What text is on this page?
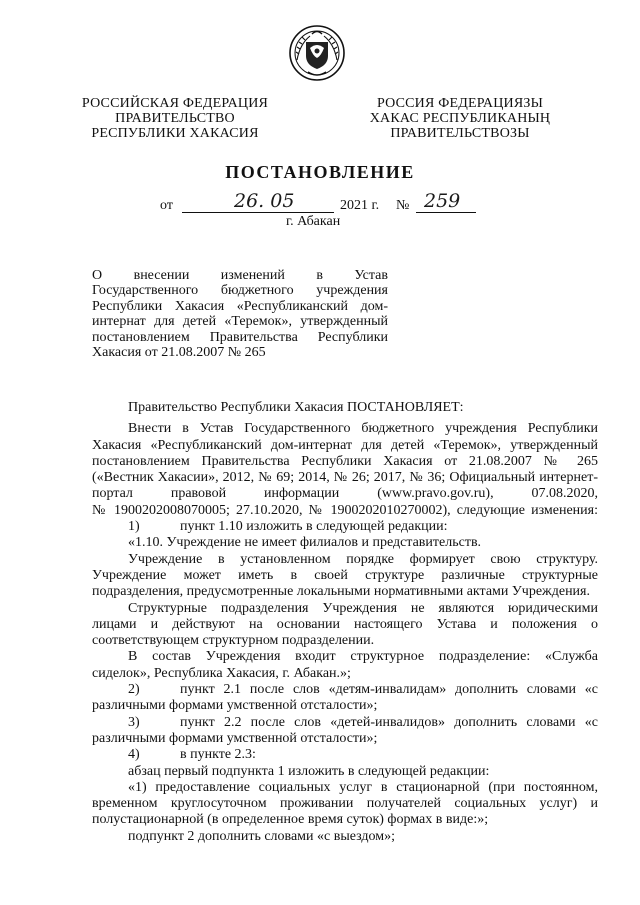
РОССИЙСКАЯ ФЕДЕРАЦИЯ
ПРАВИТЕЛЬСТВО
РЕСПУБЛИКИ ХАКАСИЯ
РОССИЯ ФЕДЕРАЦИЯЗЫ
ХАКАС РЕСПУБЛИКАНЫҢ
ПРАВИТЕЛЬСТВОЗЫ
ПОСТАНОВЛЕНИЕ
от	26. 05	2021 г. № 259
г. Абакан
О внесении изменений в Устав
Государственного бюджетного учреждения
Республики Хакасия «Республиканский дом-
интернат для детей «Теремок», утвержденный
постановлением Правительства Республики
Хакасия от 21.08.2007 № 265
Правительство Республики Хакасия ПОСТАНОВЛЯЕТ:
Внести в Устав Государственного бюджетного учреждения Республики
Хакасия «Республиканский дом-интернат для детей «Теремок», утвержденный
постановлением Правительства Республики Хакасия от 21.08.2007 № 265
(«Вестник Хакасии», 2012, № 69; 2014, № 26; 2017, № 36; Официальный интернет-
портал правовой информации (www.pravo.gov.ru), 07.08.2020,
№ 1900202008070005; 27.10.2020, № 1900202010270002), следующие изменения:
1)	пункт 1.10 изложить в следующей редакции:
«1.10. Учреждение не имеет филиалов и представительств.
Учреждение в установленном порядке формирует свою структуру.
Учреждение может иметь в своей структуре различные структурные
подразделения, предусмотренные локальными нормативными актами Учреждения.
Структурные подразделения Учреждения не являются юридическими
лицами и действуют на основании настоящего Устава и положения о
соответствующем структурном подразделении.
В состав Учреждения входит структурное подразделение: «Служба
сиделок», Республика Хакасия, г. Абакан.»;
2)	пункт 2.1 после слов «детям-инвалидам» дополнить словами «с
различными формами умственной отсталости»;
3)	пункт 2.2 после слов «детей-инвалидов» дополнить словами «с
различными формами умственной отсталости»;
4)	в пункте 2.3:
абзац первый подпункта 1 изложить в следующей редакции:
«1) предоставление социальных услуг в стационарной (при постоянном,
временном круглосуточном проживании получателей социальных услуг) и
полустационарной (в определенное время суток) формах в виде:»;
подпункт 2 дополнить словами «с выездом»;
